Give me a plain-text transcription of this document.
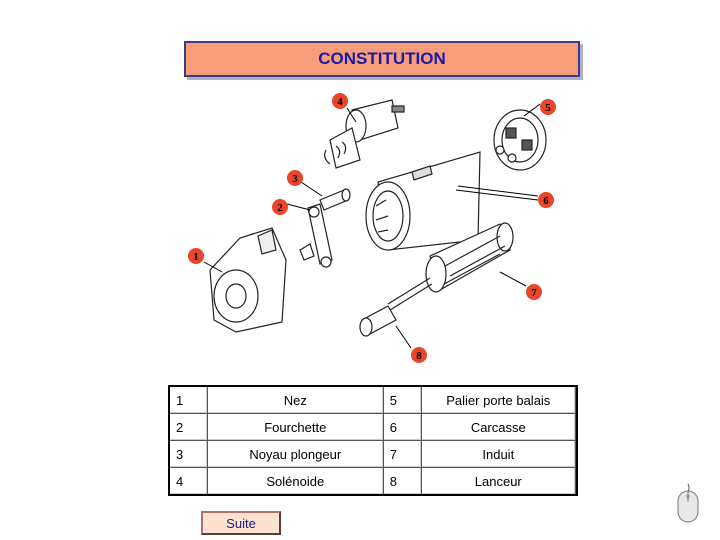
CONSTITUTION
4	5
3
6
2
1
7
8
1	Nez	5	Palier porte balais
2	Fourchette	6	Carcasse
3	Noyau plongeur	7	Induit
4	Solénoide	8	Lanceur
Suite
